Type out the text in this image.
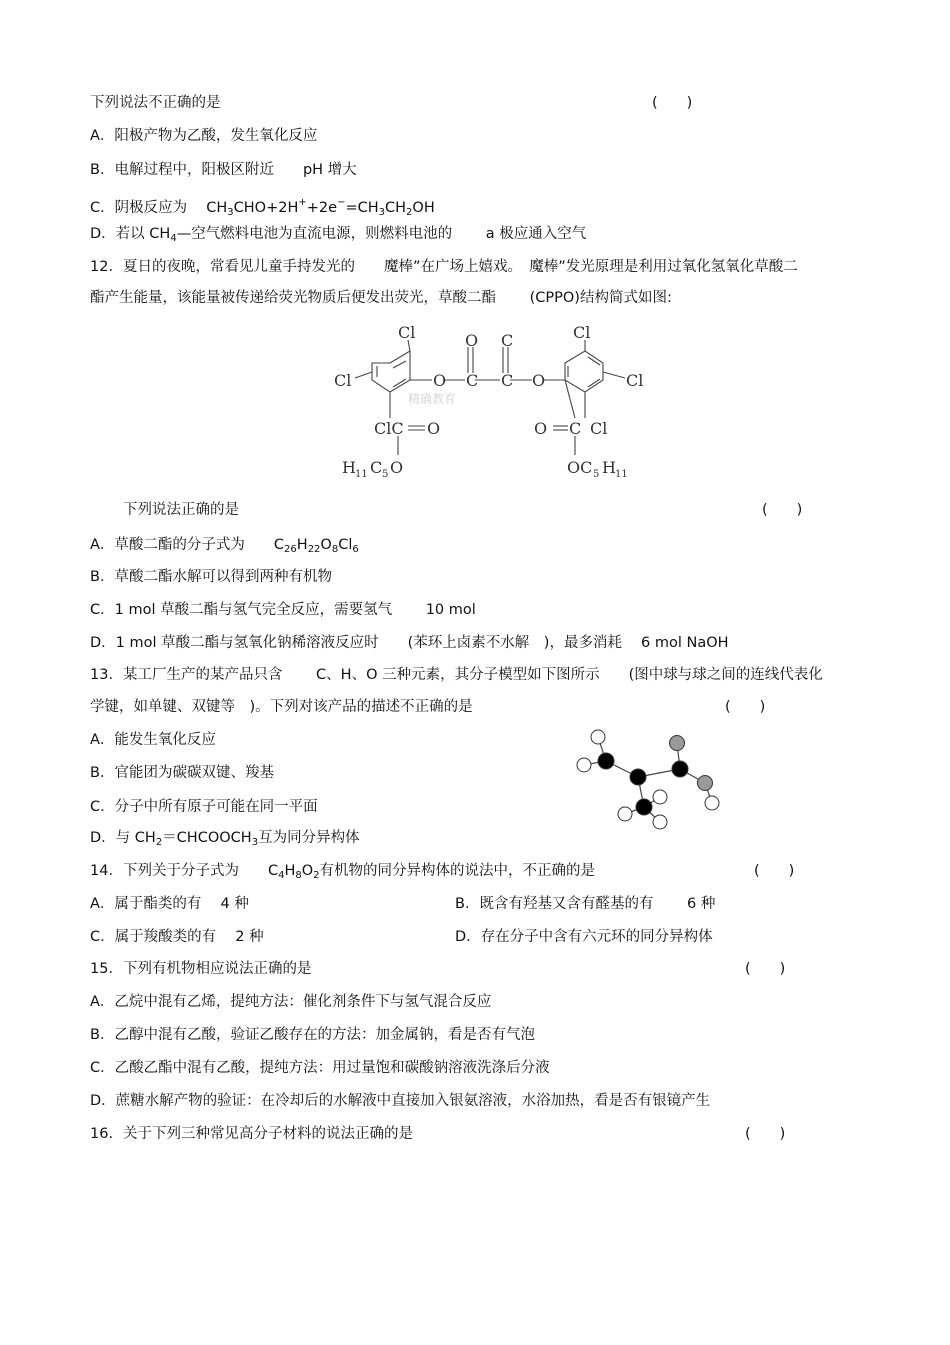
下列说法不正确的是	(　　)
A．阳极产物为乙酸，发生氧化反应
B．电解过程中，阳极区附近　　pH 增大
C．阴极反应为　 $CH_3CHO+2H^++2e^-=CH_3CH_2OH$
D．若以 $CH_4—$空气燃料电池为直流电源，则燃料电池的　　 a 极应通入空气
12．夏日的夜晚，常看见儿童手持发光的　　魔棒”在广场上嬉戏。　魔棒”发光原理是利用过氧化氢氧化草酸二
酯产生能量，该能量被传递给荧光物质后便发出荧光，草酸二酯　　 (CPPO)结构简式如图:
Cl
O
O
C C
Cl
ClC O
O
C	Cl
Cl
O C Cl
H 11 C 5 O	OC 5 H 11
精确教育
下列说法正确的是	(　　)
A．草酸二酯的分子式为　　$C_{26}H_{22}O_8Cl_6$
B．草酸二酯水解可以得到两种有机物
C．1 mol 草酸二酯与氢气完全反应，需要氢气　　 10 mol
D．1 mol 草酸二酯与氢氧化钠稀溶液反应时　　(苯环上卤素不水解　)，最多消耗　 6 mol NaOH
13．某工厂生产的某产品只含　　 C、H、O 三种元素，其分子模型如下图所示　　(图中球与球之间的连线代表化
学键，如单键、双键等　)。下列对该产品的描述不正确的是	(　　)
A．能发生氧化反应
B．官能团为碳碳双键、羧基
C．分子中所有原子可能在同一平面
D．与 $CH_2=CHCOOCH_3$互为同分异构体
14．下列关于分子式为　　$C_4H_8O_2$有机物的同分异构体的说法中，不正确的是	(　　)
A．属于酯类的有　 4 种	B．既含有羟基又含有醛基的有　　 6 种
C．属于羧酸类的有　 2 种	D．存在分子中含有六元环的同分异构体
15．下列有机物相应说法正确的是	(　　)
A．乙烷中混有乙烯，提纯方法：催化剂条件下与氢气混合反应
B．乙醇中混有乙酸，验证乙酸存在的方法：加金属钠，看是否有气泡
C．乙酸乙酯中混有乙酸，提纯方法：用过量饱和碳酸钠溶液洗涤后分液
D．蔗糖水解产物的验证：在冷却后的水解液中直接加入银氨溶液，水浴加热，看是否有银镜产生
16．关于下列三种常见高分子材料的说法正确的是	(　　)
